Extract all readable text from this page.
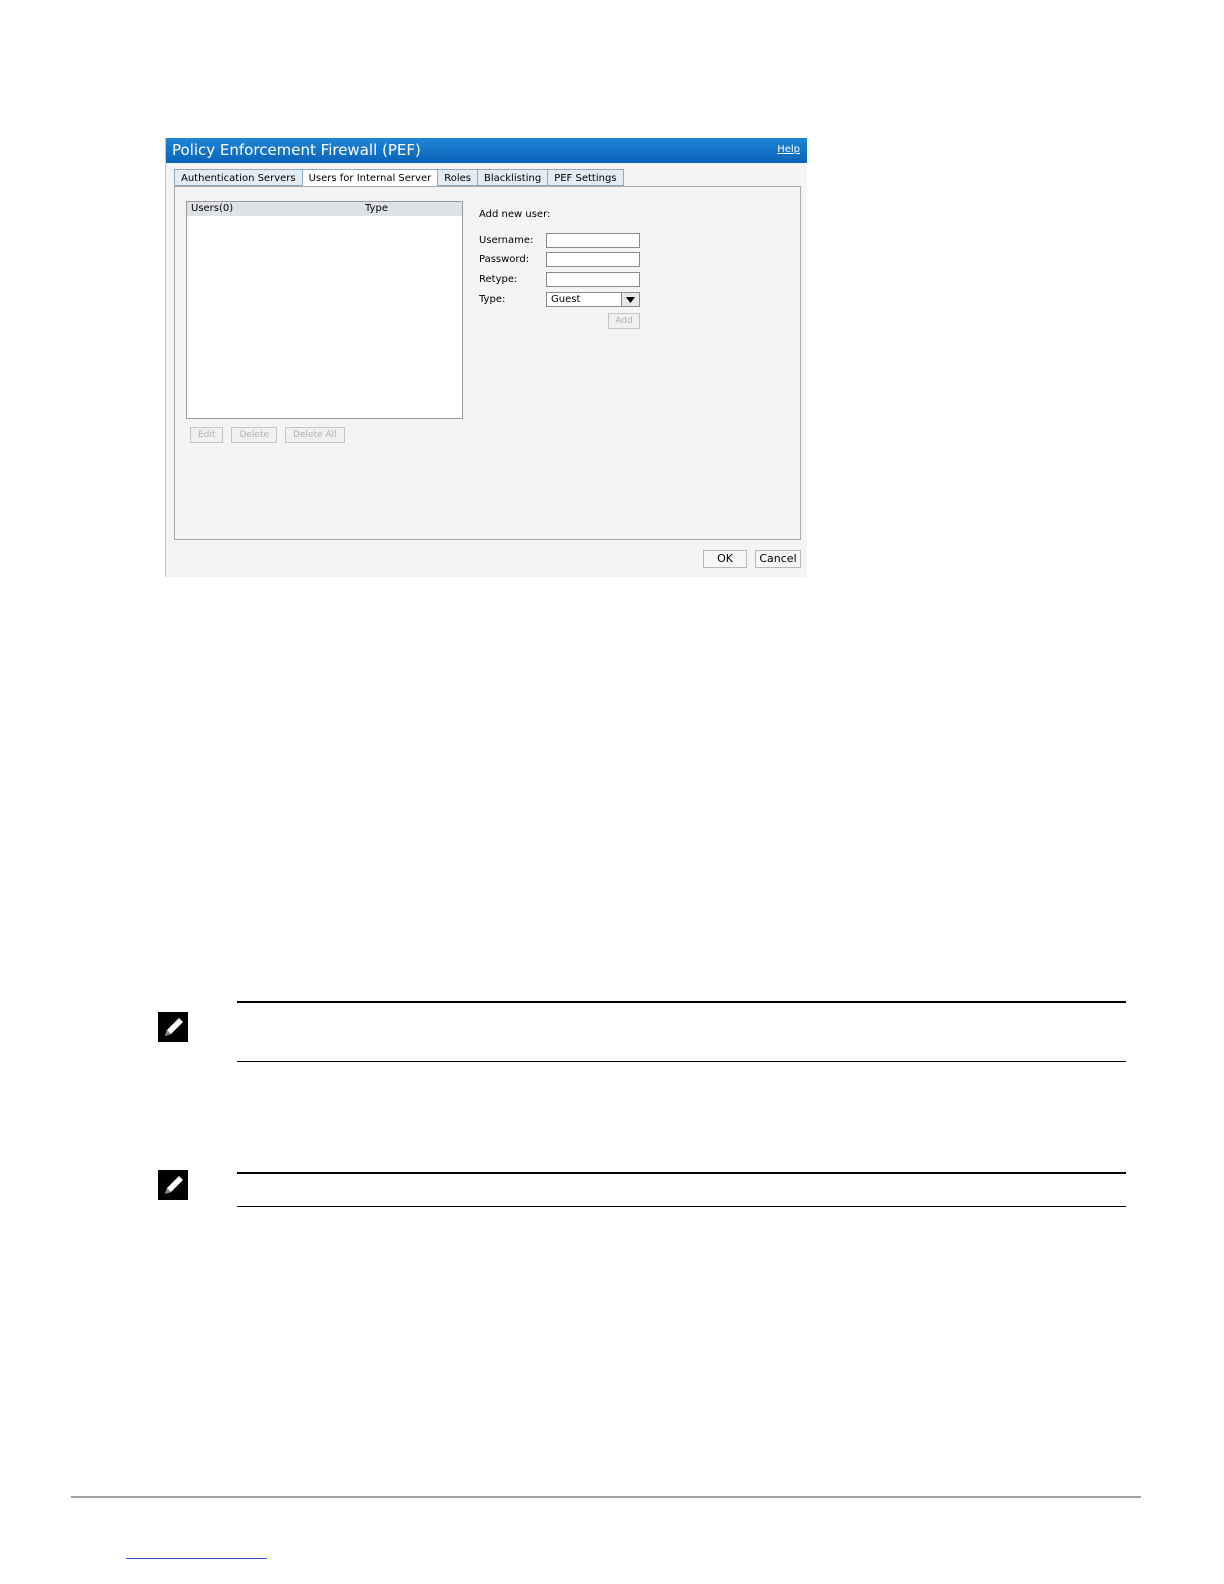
Policy Enforcement Firewall (PEF)	Help
Authentication Servers	Users for Internal Server	Roles	Blacklisting	PEF Settings
Users(0)	Type
Edit	Delete	Delete All
Add new user:
Username:
Password:
Retype:
Type:	Guest
Add
OK	Cancel
